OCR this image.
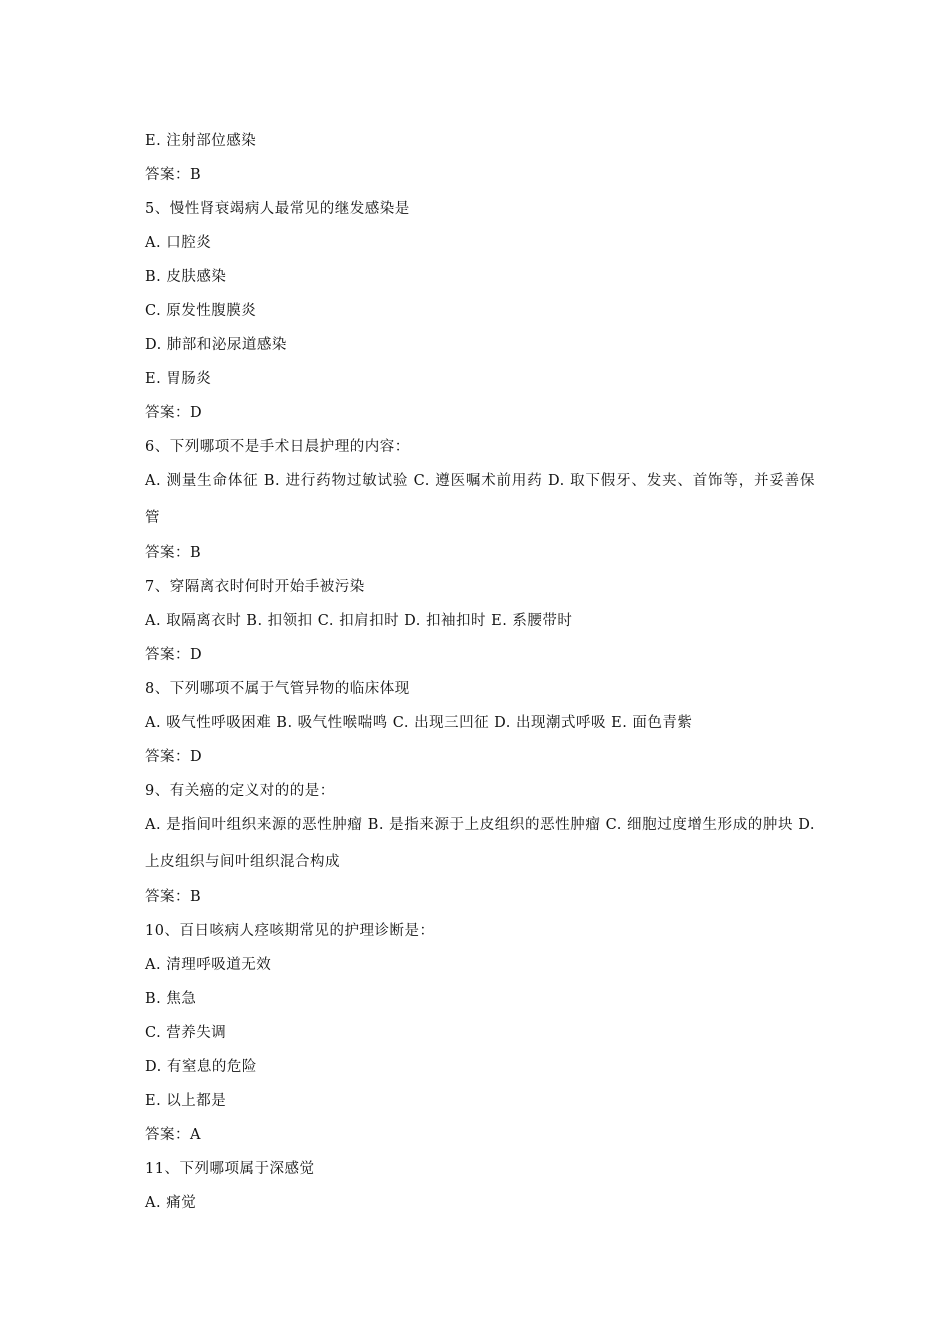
E. 注射部位感染
答案：B
5、慢性肾衰竭病人最常见的继发感染是
A. 口腔炎
B. 皮肤感染
C. 原发性腹膜炎
D. 肺部和泌尿道感染
E. 胃肠炎
答案：D
6、下列哪项不是手术日晨护理的内容：
A. 测量生命体征 B. 进行药物过敏试验 C. 遵医嘱术前用药 D. 取下假牙、发夹、首饰等，并妥善保管
答案：B
7、穿隔离衣时何时开始手被污染
A. 取隔离衣时 B. 扣领扣 C. 扣肩扣时 D. 扣袖扣时 E. 系腰带时
答案：D
8、下列哪项不属于气管异物的临床体现
A. 吸气性呼吸困难 B. 吸气性喉喘鸣 C. 出现三凹征 D. 出现潮式呼吸 E. 面色青紫
答案：D
9、有关癌的定义对的的是：
A. 是指间叶组织来源的恶性肿瘤 B. 是指来源于上皮组织的恶性肿瘤 C. 细胞过度增生形成的肿块 D. 上皮组织与间叶组织混合构成
答案：B
10、百日咳病人痉咳期常见的护理诊断是：
A. 清理呼吸道无效
B. 焦急
C. 营养失调
D. 有窒息的危险
E. 以上都是
答案：A
11、下列哪项属于深感觉
A. 痛觉
